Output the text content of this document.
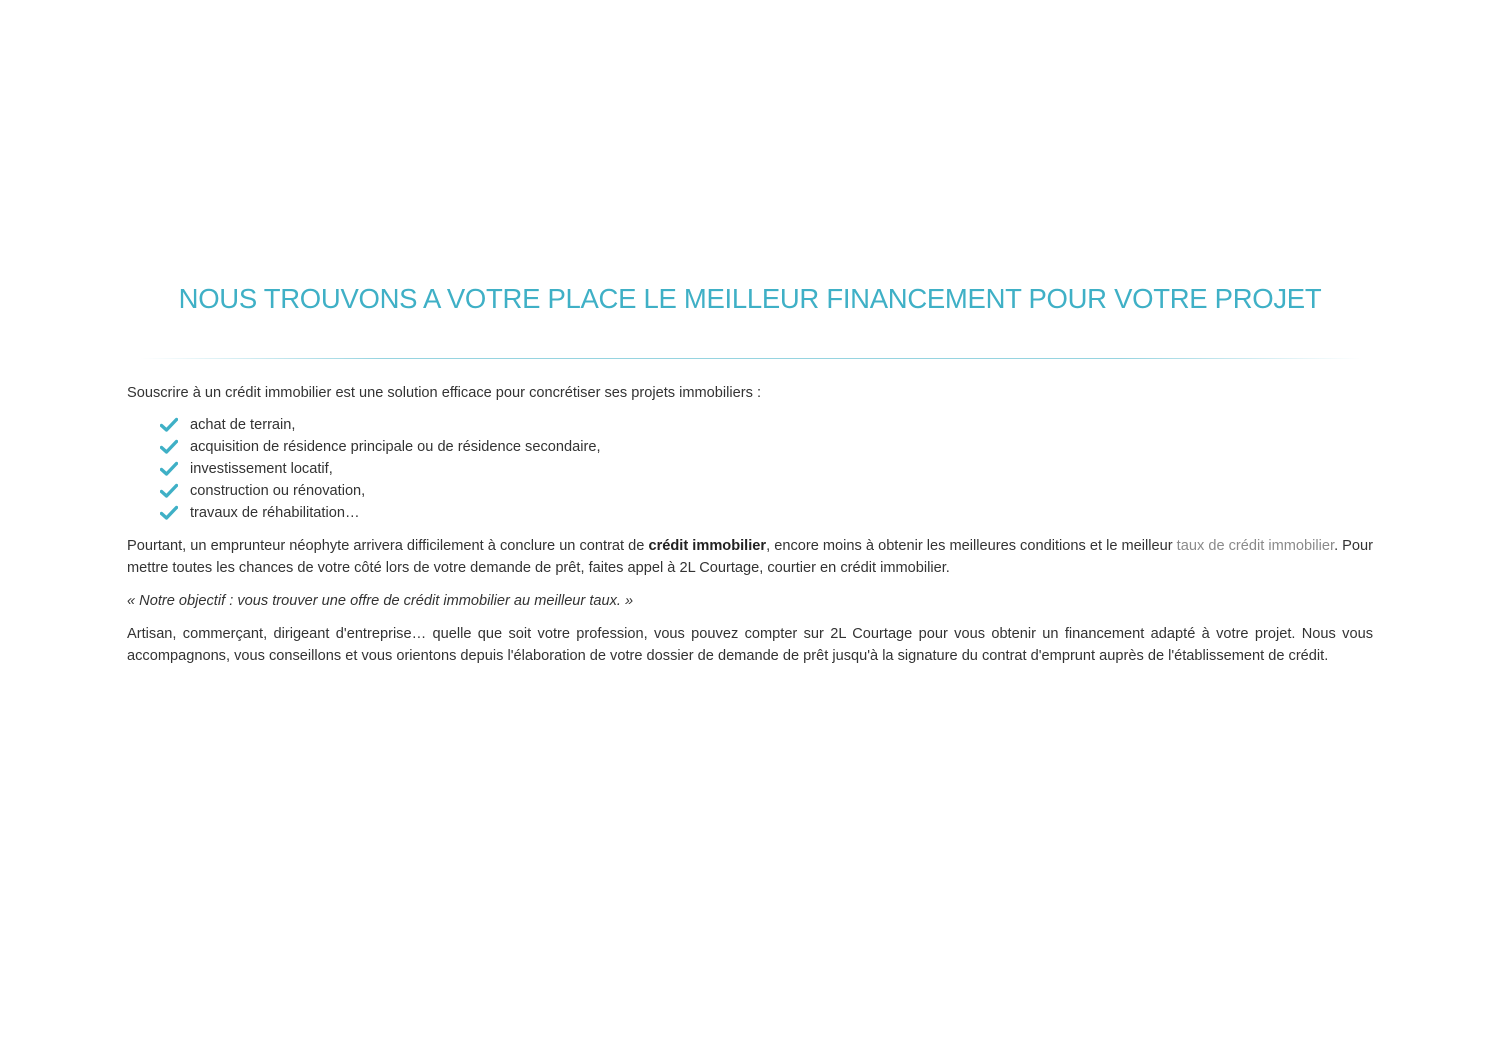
NOUS TROUVONS A VOTRE PLACE LE MEILLEUR FINANCEMENT POUR VOTRE PROJET

Souscrire à un crédit immobilier est une solution efficace pour concrétiser ses projets immobiliers :

achat de terrain,
acquisition de résidence principale ou de résidence secondaire,
investissement locatif,
construction ou rénovation,
travaux de réhabilitation…

Pourtant, un emprunteur néophyte arrivera difficilement à conclure un contrat de crédit immobilier, encore moins à obtenir les meilleures conditions et le meilleur taux de crédit immobilier. Pour mettre toutes les chances de votre côté lors de votre demande de prêt, faites appel à 2L Courtage, courtier en crédit immobilier.

« Notre objectif : vous trouver une offre de crédit immobilier au meilleur taux. »

Artisan, commerçant, dirigeant d'entreprise… quelle que soit votre profession, vous pouvez compter sur 2L Courtage pour vous obtenir un financement adapté à votre projet. Nous vous accompagnons, vous conseillons et vous orientons depuis l'élaboration de votre dossier de demande de prêt jusqu'à la signature du contrat d'emprunt auprès de l'établissement de crédit.
